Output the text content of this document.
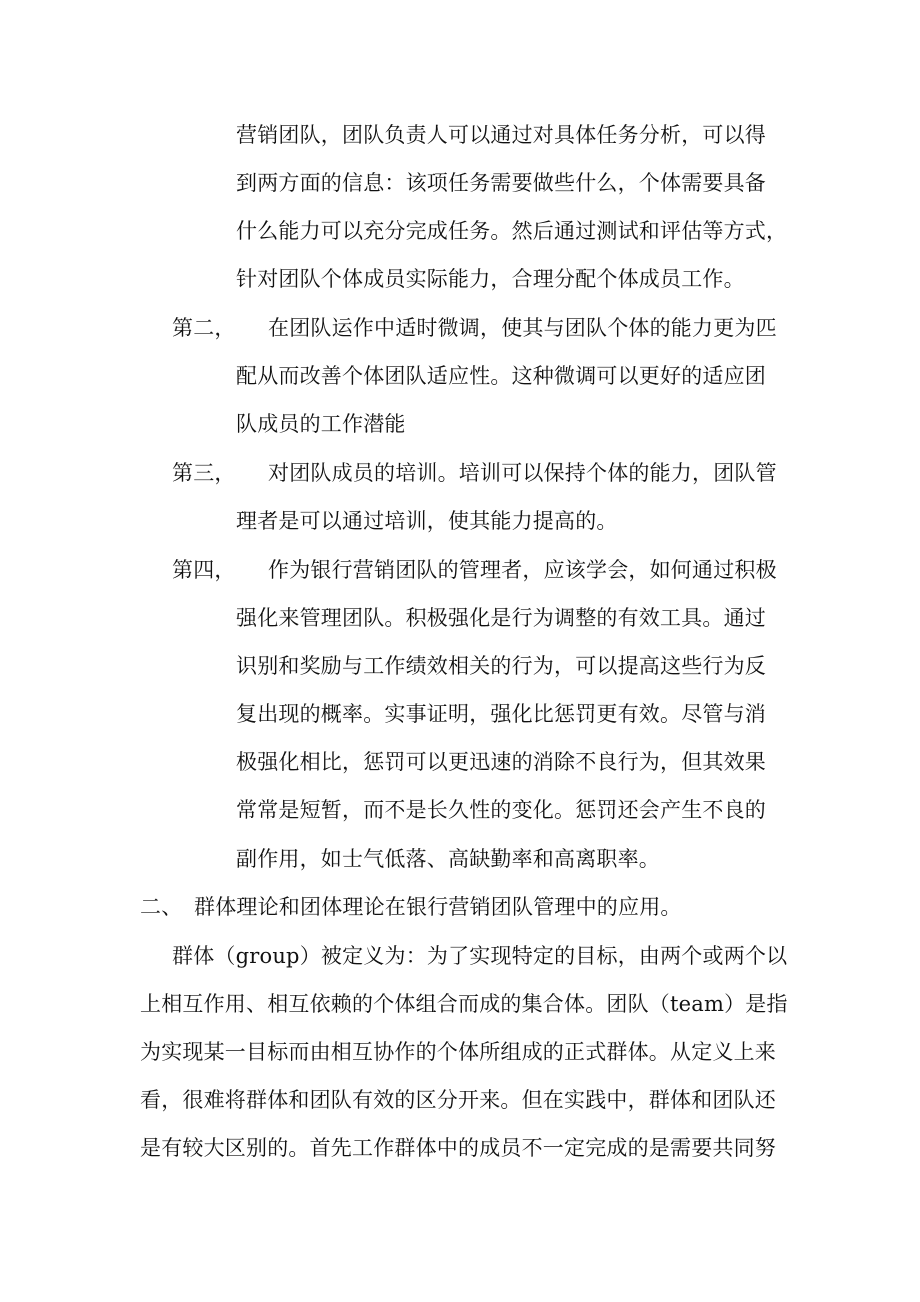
营销团队，团队负责人可以通过对具体任务分析，可以得
到两方面的信息：该项任务需要做些什么，个体需要具备
什么能力可以充分完成任务。然后通过测试和评估等方式，
针对团队个体成员实际能力，合理分配个体成员工作。
第二， 在团队运作中适时微调，使其与团队个体的能力更为匹
配从而改善个体团队适应性。这种微调可以更好的适应团
队成员的工作潜能
第三， 对团队成员的培训。培训可以保持个体的能力，团队管
理者是可以通过培训，使其能力提高的。
第四， 作为银行营销团队的管理者，应该学会，如何通过积极
强化来管理团队。积极强化是行为调整的有效工具。通过
识别和奖励与工作绩效相关的行为，可以提高这些行为反
复出现的概率。实事证明，强化比惩罚更有效。尽管与消
极强化相比，惩罚可以更迅速的消除不良行为，但其效果
常常是短暂，而不是长久性的变化。惩罚还会产生不良的
副作用，如士气低落、高缺勤率和高离职率。
二、 群体理论和团体理论在银行营销团队管理中的应用。
群体（group）被定义为：为了实现特定的目标，由两个或两个以
上相互作用、相互依赖的个体组合而成的集合体。团队（team）是指
为实现某一目标而由相互协作的个体所组成的正式群体。从定义上来
看，很难将群体和团队有效的区分开来。但在实践中，群体和团队还
是有较大区别的。首先工作群体中的成员不一定完成的是需要共同努
